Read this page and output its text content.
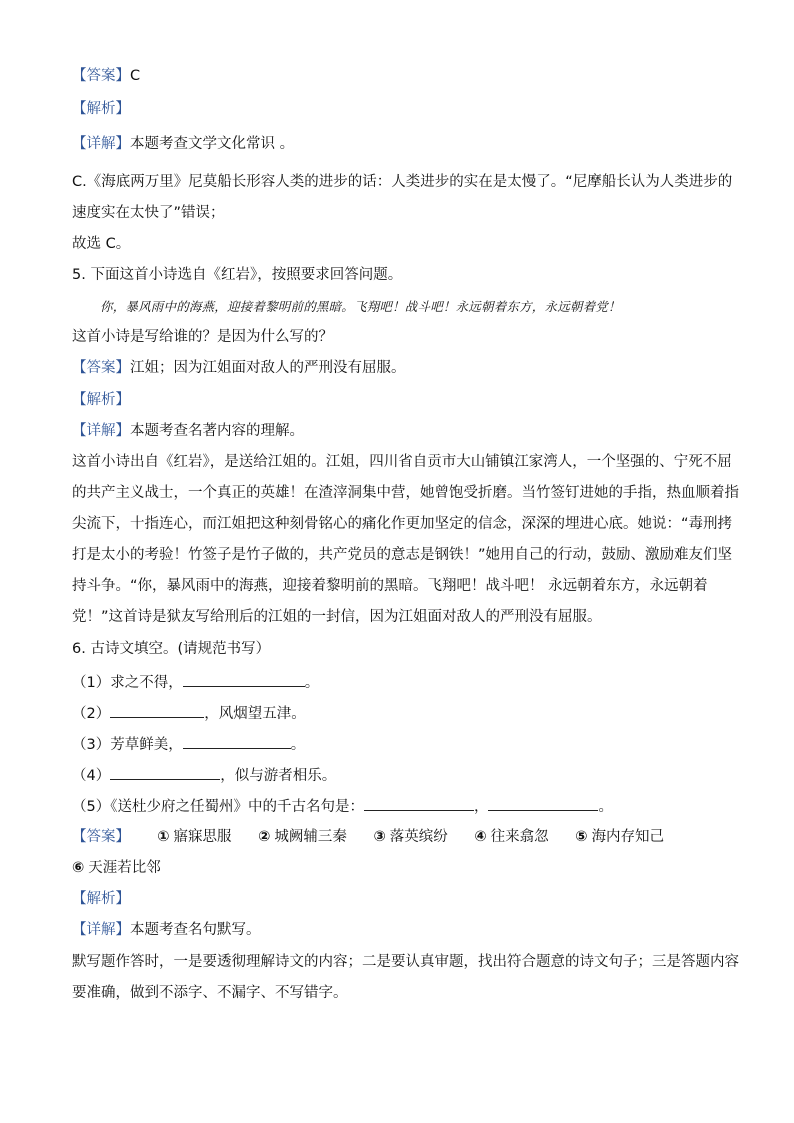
【答案】C
【解析】
【详解】本题考查文学文化常识 。
C.《海底两万里》尼莫船长形容人类的进步的话：人类进步的实在是太慢了。“尼摩船长认为人类进步的
速度实在太快了”错误；
故选 C。
5. 下面这首小诗选自《红岩》，按照要求回答问题。
你，暴风雨中的海燕，迎接着黎明前的黑暗。飞翔吧！战斗吧！永远朝着东方，永远朝着党！
这首小诗是写给谁的？是因为什么写的？
【答案】江姐；因为江姐面对敌人的严刑没有屈服。
【解析】
【详解】本题考查名著内容的理解。
这首小诗出自《红岩》，是送给江姐的。江姐，四川省自贡市大山铺镇江家湾人，一个坚强的、宁死不屈
的共产主义战士，一个真正的英雄！在渣滓洞集中营，她曾饱受折磨。当竹签钉进她的手指，热血顺着指
尖流下，十指连心，而江姐把这种刻骨铭心的痛化作更加坚定的信念，深深的埋进心底。她说：“毒刑拷
打是太小的考验！竹签子是竹子做的，共产党员的意志是钢铁！”她用自己的行动，鼓励、激励难友们坚
持斗争。“你，暴风雨中的海燕，迎接着黎明前的黑暗。飞翔吧！战斗吧！ 永远朝着东方，永远朝着
党！”这首诗是狱友写给刑后的江姐的一封信，因为江姐面对敌人的严刑没有屈服。
6. 古诗文填空。(请规范书写）
（1）求之不得，	。
（2）	，风烟望五津。
（3）芳草鲜美，	。
（4）	，似与游者相乐。
（5）《送杜少府之任蜀州》中的千古名句是：	，	。
【答案】 ① 寤寐思服 ② 城阙辅三秦 ③ 落英缤纷 ④ 往来翕忽 ⑤ 海内存知己
⑥ 天涯若比邻
【解析】
【详解】本题考查名句默写。
默写题作答时，一是要透彻理解诗文的内容；二是要认真审题，找出符合题意的诗文句子；三是答题内容
要准确，做到不添字、不漏字、不写错字。
